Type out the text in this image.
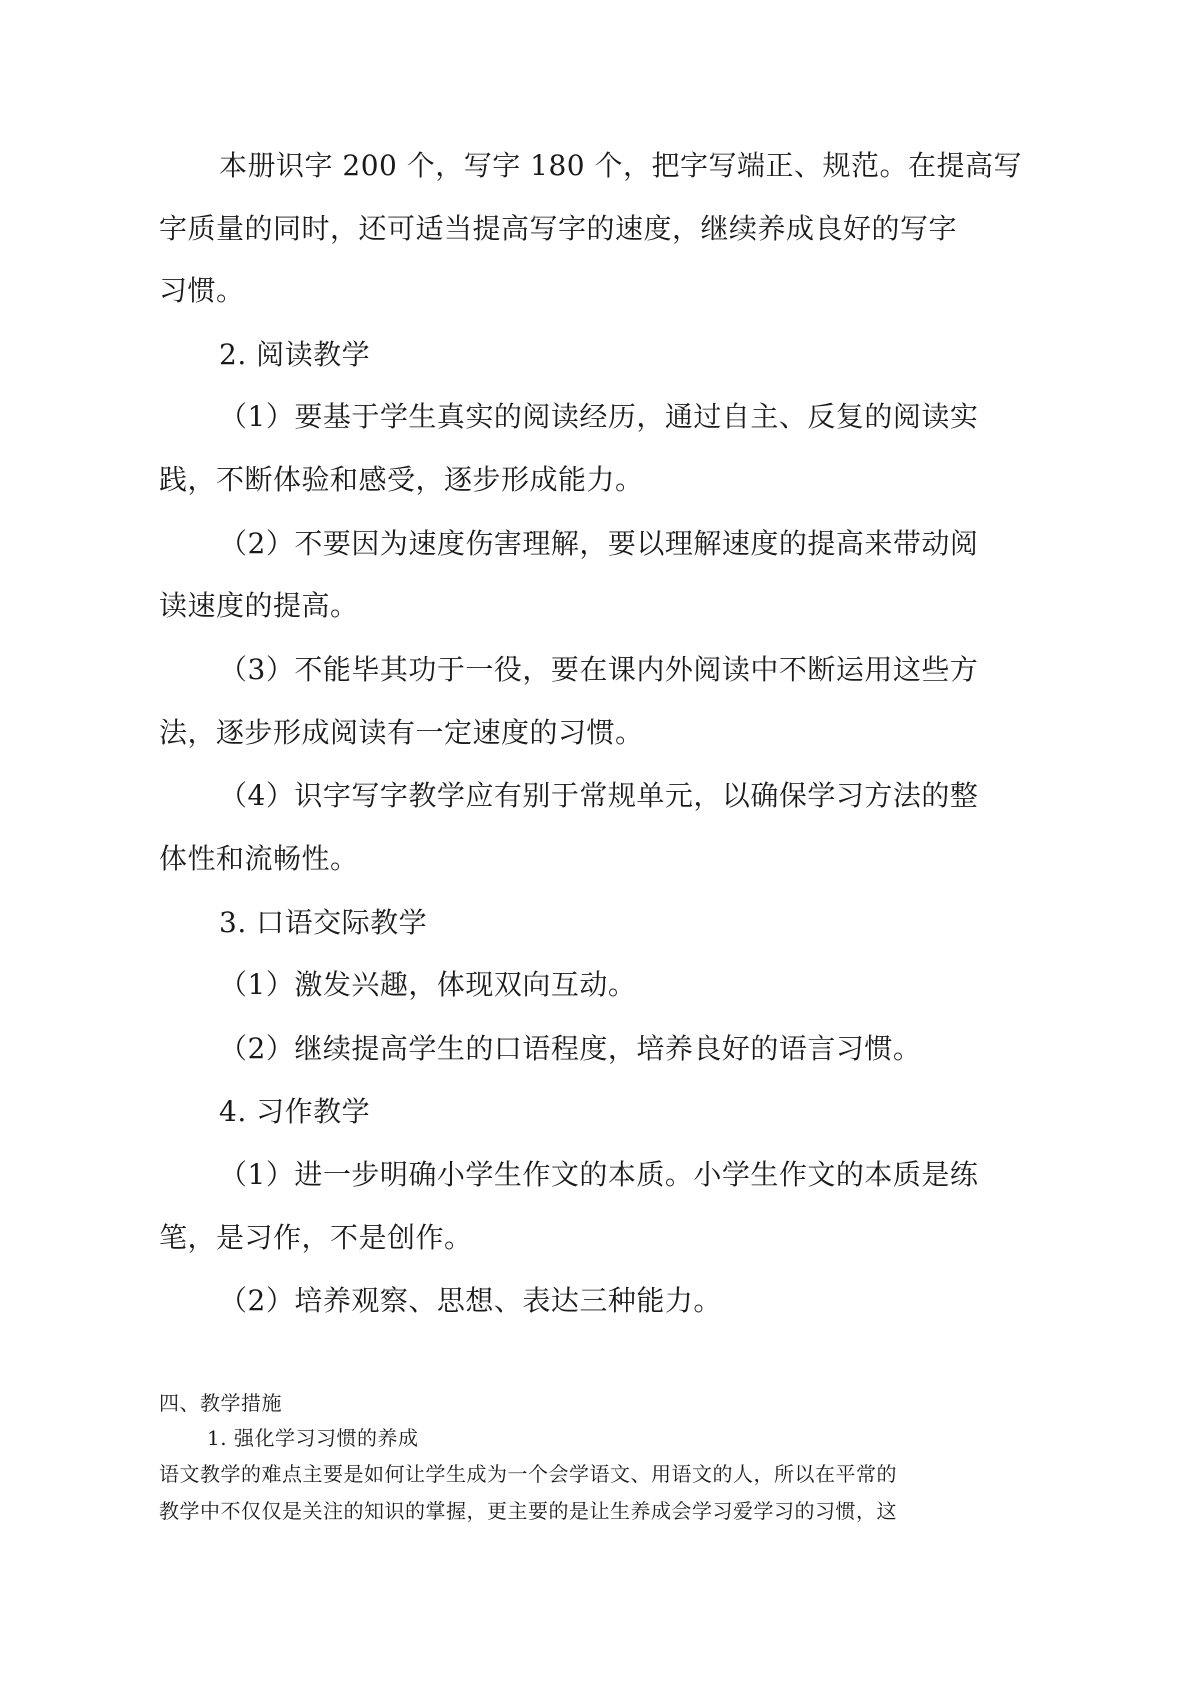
本册识字 200 个，写字 180 个，把字写端正、规范。在提高写

字质量的同时，还可适当提高写字的速度，继续养成良好的写字

习惯。

2. 阅读教学

（1）要基于学生真实的阅读经历，通过自主、反复的阅读实

践，不断体验和感受，逐步形成能力。

（2）不要因为速度伤害理解，要以理解速度的提高来带动阅

读速度的提高。

（3）不能毕其功于一役，要在课内外阅读中不断运用这些方

法，逐步形成阅读有一定速度的习惯。

（4）识字写字教学应有别于常规单元，以确保学习方法的整

体性和流畅性。

3. 口语交际教学

（1）激发兴趣，体现双向互动。

（2）继续提高学生的口语程度，培养良好的语言习惯。

4. 习作教学

（1）进一步明确小学生作文的本质。小学生作文的本质是练

笔，是习作，不是创作。

（2）培养观察、思想、表达三种能力。

四、教学措施

1. 强化学习习惯的养成

语文教学的难点主要是如何让学生成为一个会学语文、用语文的人，所以在平常的

教学中不仅仅是关注的知识的掌握，更主要的是让生养成会学习爱学习的习惯，这
